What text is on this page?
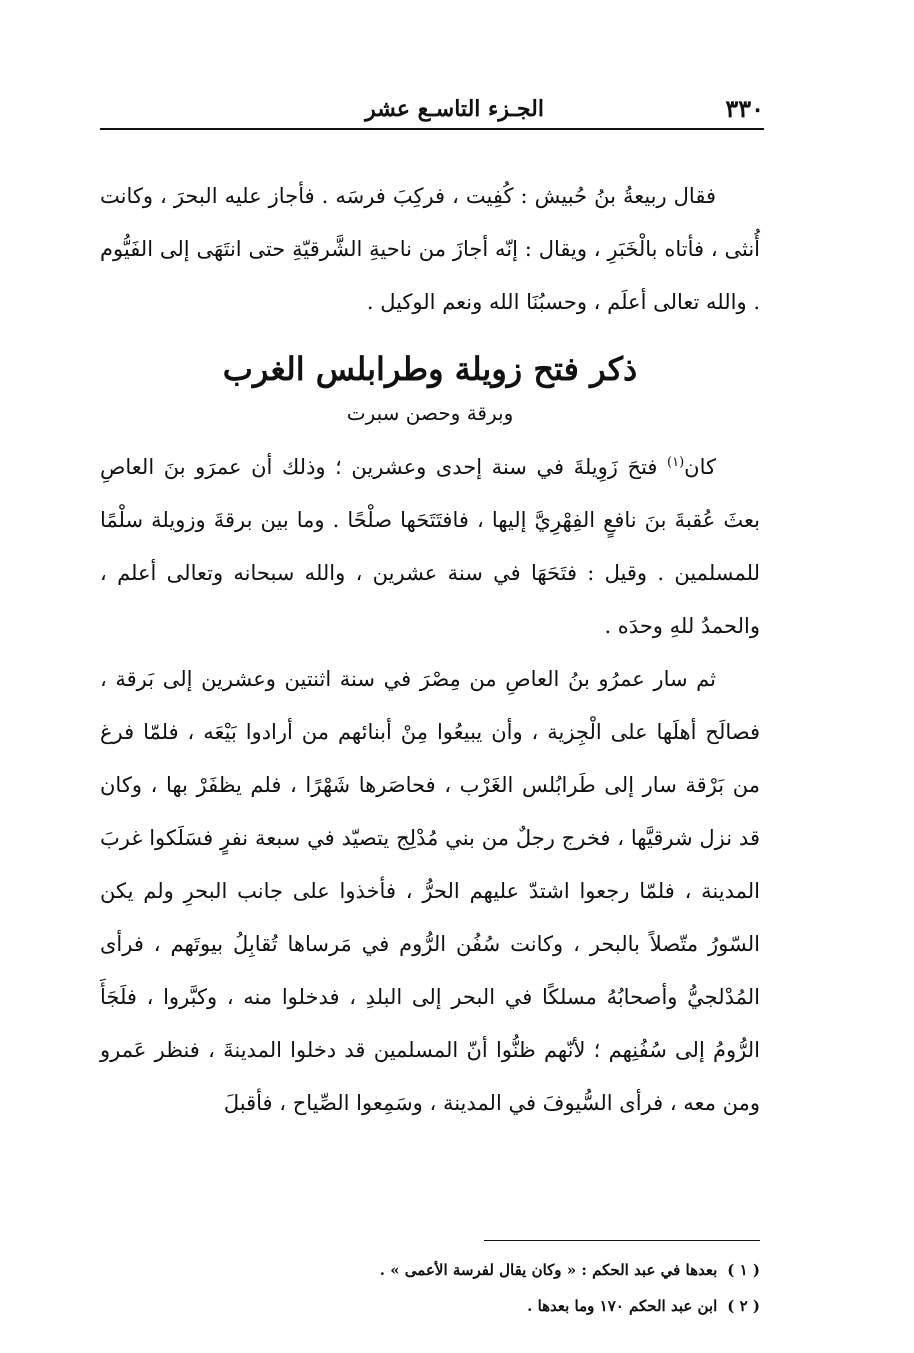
٣٣٠
الجـزء التاسـع عشر

فقال ربيعةُ بنُ حُبيش : كُفِيت ، فركِبَ فرسَه . فأجاز عليه البحرَ ، وكانت أُنثى ، فأتاه بالْخَبَرِ ، ويقال : إنّه أجازَ من ناحيةِ الشَّرقيّةِ حتى انتَهَى إلى الفَيُّوم . والله تعالى أعلَم ، وحسبُنَا الله ونعم الوكيل .

ذكر فتح زويلة وطرابلس الغرب
وبرقة وحصن سبرت

كان$^{(١)}$ فتحَ زَوِيلةَ في سنة إحدى وعشرين ؛ وذلك أن عمرَو بنَ العاصِ بعثَ عُقبةَ بنَ نافعٍ الفِهْرِيَّ إليها ، فافتَتَحَها صلْحًا . وما بين برقةَ وزويلة سلْمًا للمسلمين . وقيل : فتَحَهَا في سنة عشرين ، والله سبحانه وتعالى أعلم ، والحمدُ للهِ وحدَه .

ثم سار عمرُو بنُ العاصِ من مِصْرَ في سنة اثنتين وعشرين إلى بَرقة ، فصالَح أهلَها على الْجِزية ، وأن يبيعُوا مِنْ أبنائهم من أرادوا بَيْعَه ، فلمّا فرغ من بَرْقة سار إلى طَرابُلس الغَرْب ، فحاصَرها شَهْرًا ، فلم يظفَرْ بها ، وكان قد نزل شرقيَّها ، فخرج رجلٌ من بني مُدْلِج يتصيّد في سبعة نفرٍ فسَلَكوا غربَ المدينة ، فلمّا رجعوا اشتدّ عليهم الحرُّ ، فأخذوا على جانب البحرِ ولم يكن السّورُ متّصلاً بالبحر ، وكانت سُفُن الرُّوم في مَرساها تُقابِلُ بيوتَهم ، فرأى المُدْلجيُّ وأصحابُهُ مسلكًا في البحر إلى البلدِ ، فدخلوا منه ، وكبَّروا ، فلَجَأَ الرُّومُ إلى سُفُنِهم ؛ لأنّهم ظنُّوا أنّ المسلمين قد دخلوا المدينةَ ، فنظر عَمرو ومن معه ، فرأى السُّيوفَ في المدينة ، وسَمِعوا الصِّياح ، فأقبلَ

( ١ )بعدها في عبد الحكم : « وكان يقال لفرسة الأعمى » .

( ٢ )ابن عبد الحكم ١٧٠ وما بعدها .
